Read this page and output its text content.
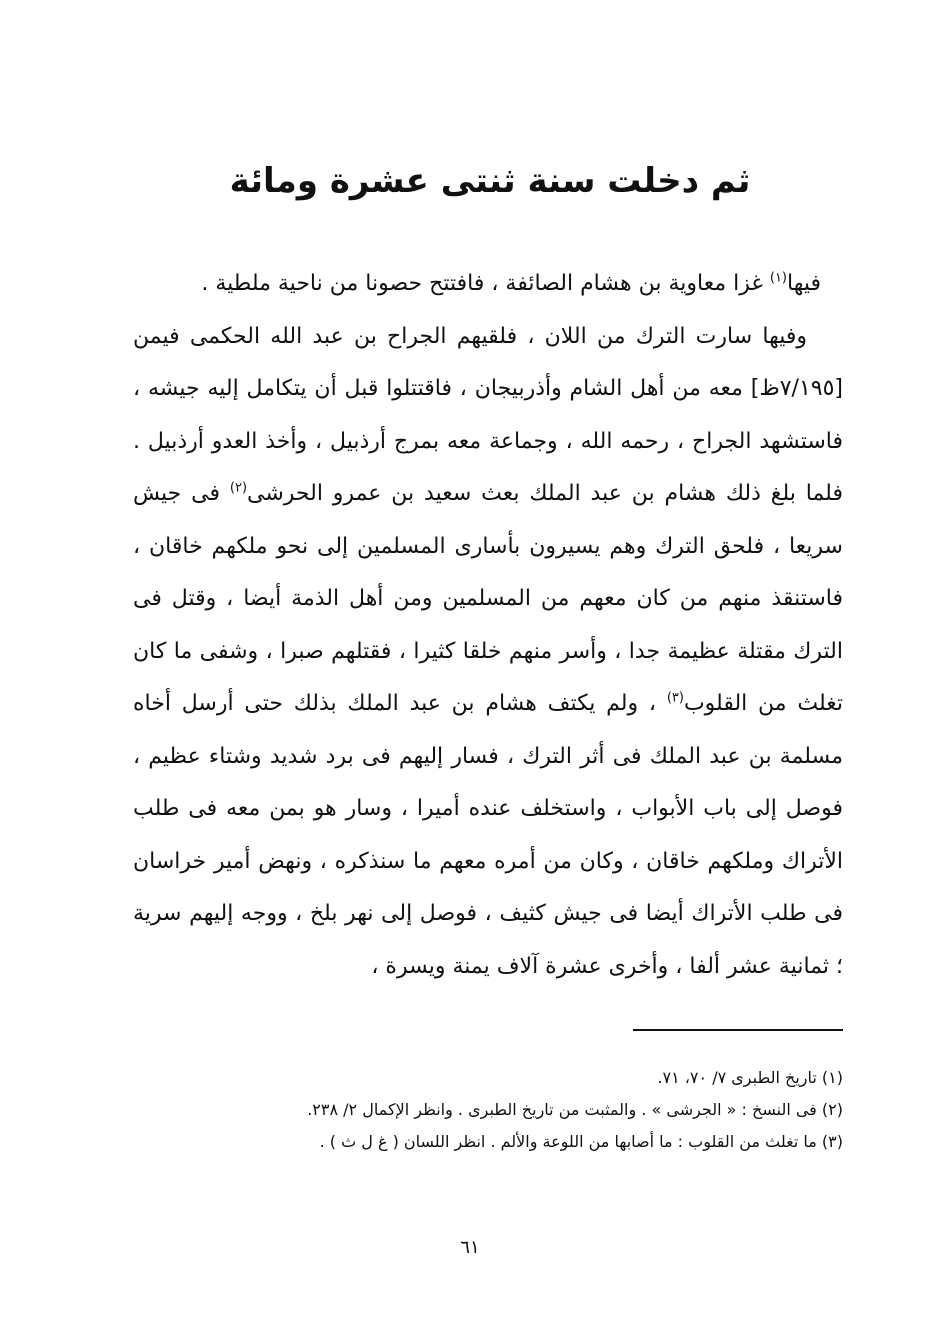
ثم دخلت سنة ثنتى عشرة ومائة

فيها$^{(١)}$ غزا معاوية بن هشام الصائفة ، فافتتح حصونا من ناحية ملطية .

وفيها سارت الترك من اللان ، فلقيهم الجراح بن عبد الله الحكمى فيمن [٧/١٩٥ظ] معه من أهل الشام وأذربيجان ، فاقتتلوا قبل أن يتكامل إليه جيشه ، فاستشهد الجراح ، رحمه الله ، وجماعة معه بمرج أرذبيل ، وأخذ العدو أرذبيل . فلما بلغ ذلك هشام بن عبد الملك بعث سعيد بن عمرو الحرشى$^{(٢)}$ فى جيش سريعا ، فلحق الترك وهم يسيرون بأسارى المسلمين إلى نحو ملكهم خاقان ، فاستنقذ منهم من كان معهم من المسلمين ومن أهل الذمة أيضا ، وقتل فى الترك مقتلة عظيمة جدا ، وأسر منهم خلقا كثيرا ، فقتلهم صبرا ، وشفى ما كان تغلث من القلوب$^{(٣)}$ ، ولم يكتف هشام بن عبد الملك بذلك حتى أرسل أخاه مسلمة بن عبد الملك فى أثر الترك ، فسار إليهم فى برد شديد وشتاء عظيم ، فوصل إلى باب الأبواب ، واستخلف عنده أميرا ، وسار هو بمن معه فى طلب الأتراك وملكهم خاقان ، وكان من أمره معهم ما سنذكره ، ونهض أمير خراسان فى طلب الأتراك أيضا فى جيش كثيف ، فوصل إلى نهر بلخ ، ووجه إليهم سرية ؛ ثمانية عشر ألفا ، وأخرى عشرة آلاف يمنة ويسرة ،

(١) تاريخ الطبرى ٧/ ٧٠، ٧١.
(٢) فى النسخ : « الجرشى » . والمثبت من تاريخ الطبرى . وانظر الإكمال ٢/ ٢٣٨.
(٣) ما تغلث من القلوب : ما أصابها من اللوعة والألم . انظر اللسان ( غ ل ث ) .
٦١
